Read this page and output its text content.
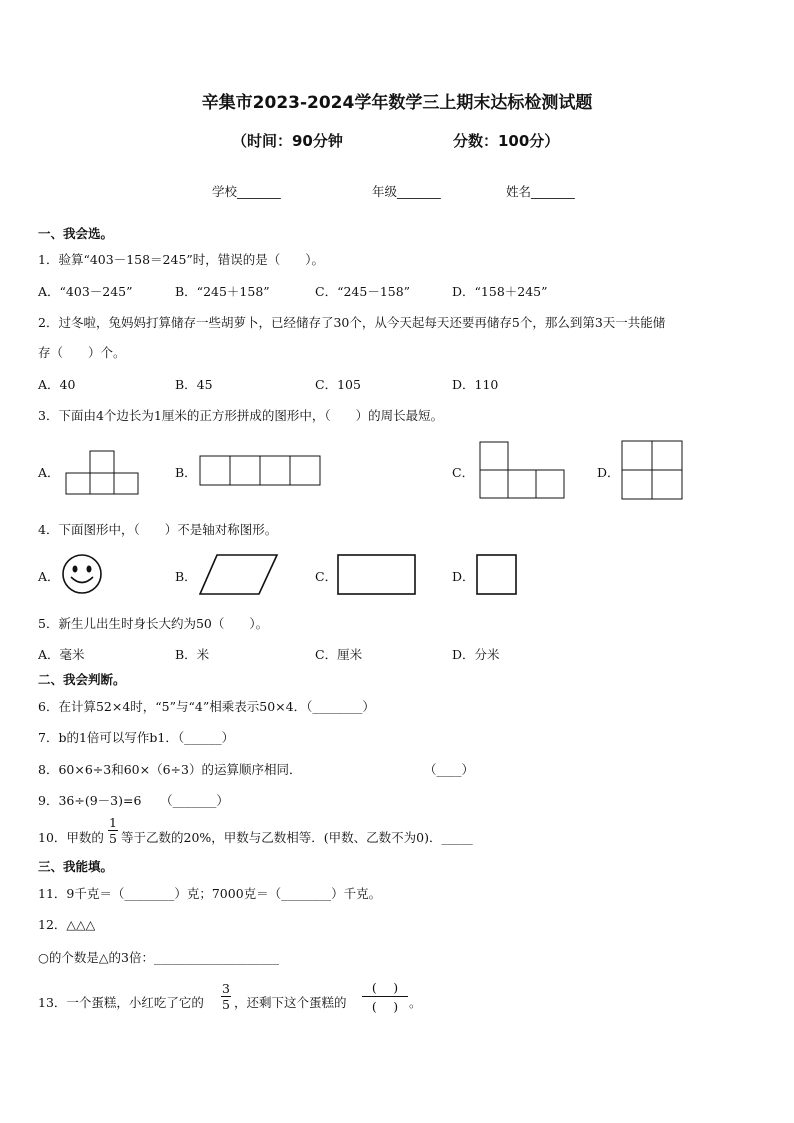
辛集市2023-2024学年数学三上期末达标检测试题
（时间：90分钟	分数：100分）
学校_______	年级_______	姓名_______
一、我会选。
1．验算“403－158＝245”时，错误的是（　　）。
A．“403－245”	B．“245＋158”	C．“245－158”	D．“158＋245”
2．过冬啦，兔妈妈打算储存一些胡萝卜，已经储存了30个，从今天起每天还要再储存5个，那么到第3天一共能储
存（　　）个。
A．40	B．45	C．105	D．110
3．下面由4个边长为1厘米的正方形拼成的图形中，（　　）的周长最短。
A．	B．	C．	D．
4．下面图形中，（　　）不是轴对称图形。
A．	B．	C．	D．
5．新生儿出生时身长大约为50（　　）。
A．毫米	B．米	C．厘米	D．分米
二、我会判断。
6．在计算52×4时，“5”与“4”相乘表示50×4．（________）
7．b的1倍可以写作b1．（______）
8．60×6÷3和60×（6÷3）的运算顺序相同．	（____）
9．36÷(9－3)=6　　（_______）
10．甲数的 $\frac{1}{5}$ 等于乙数的20%，甲数与乙数相等．(甲数、乙数不为0)．_____
三、我能填。
11．9千克＝（________）克；7000克＝（________）千克。
12．△△△
○的个数是△的3倍：____________________
13．一个蛋糕，小红吃了它的 $\frac{3}{5}$ ，还剩下这个蛋糕的
(　 )
(　 ) 。
